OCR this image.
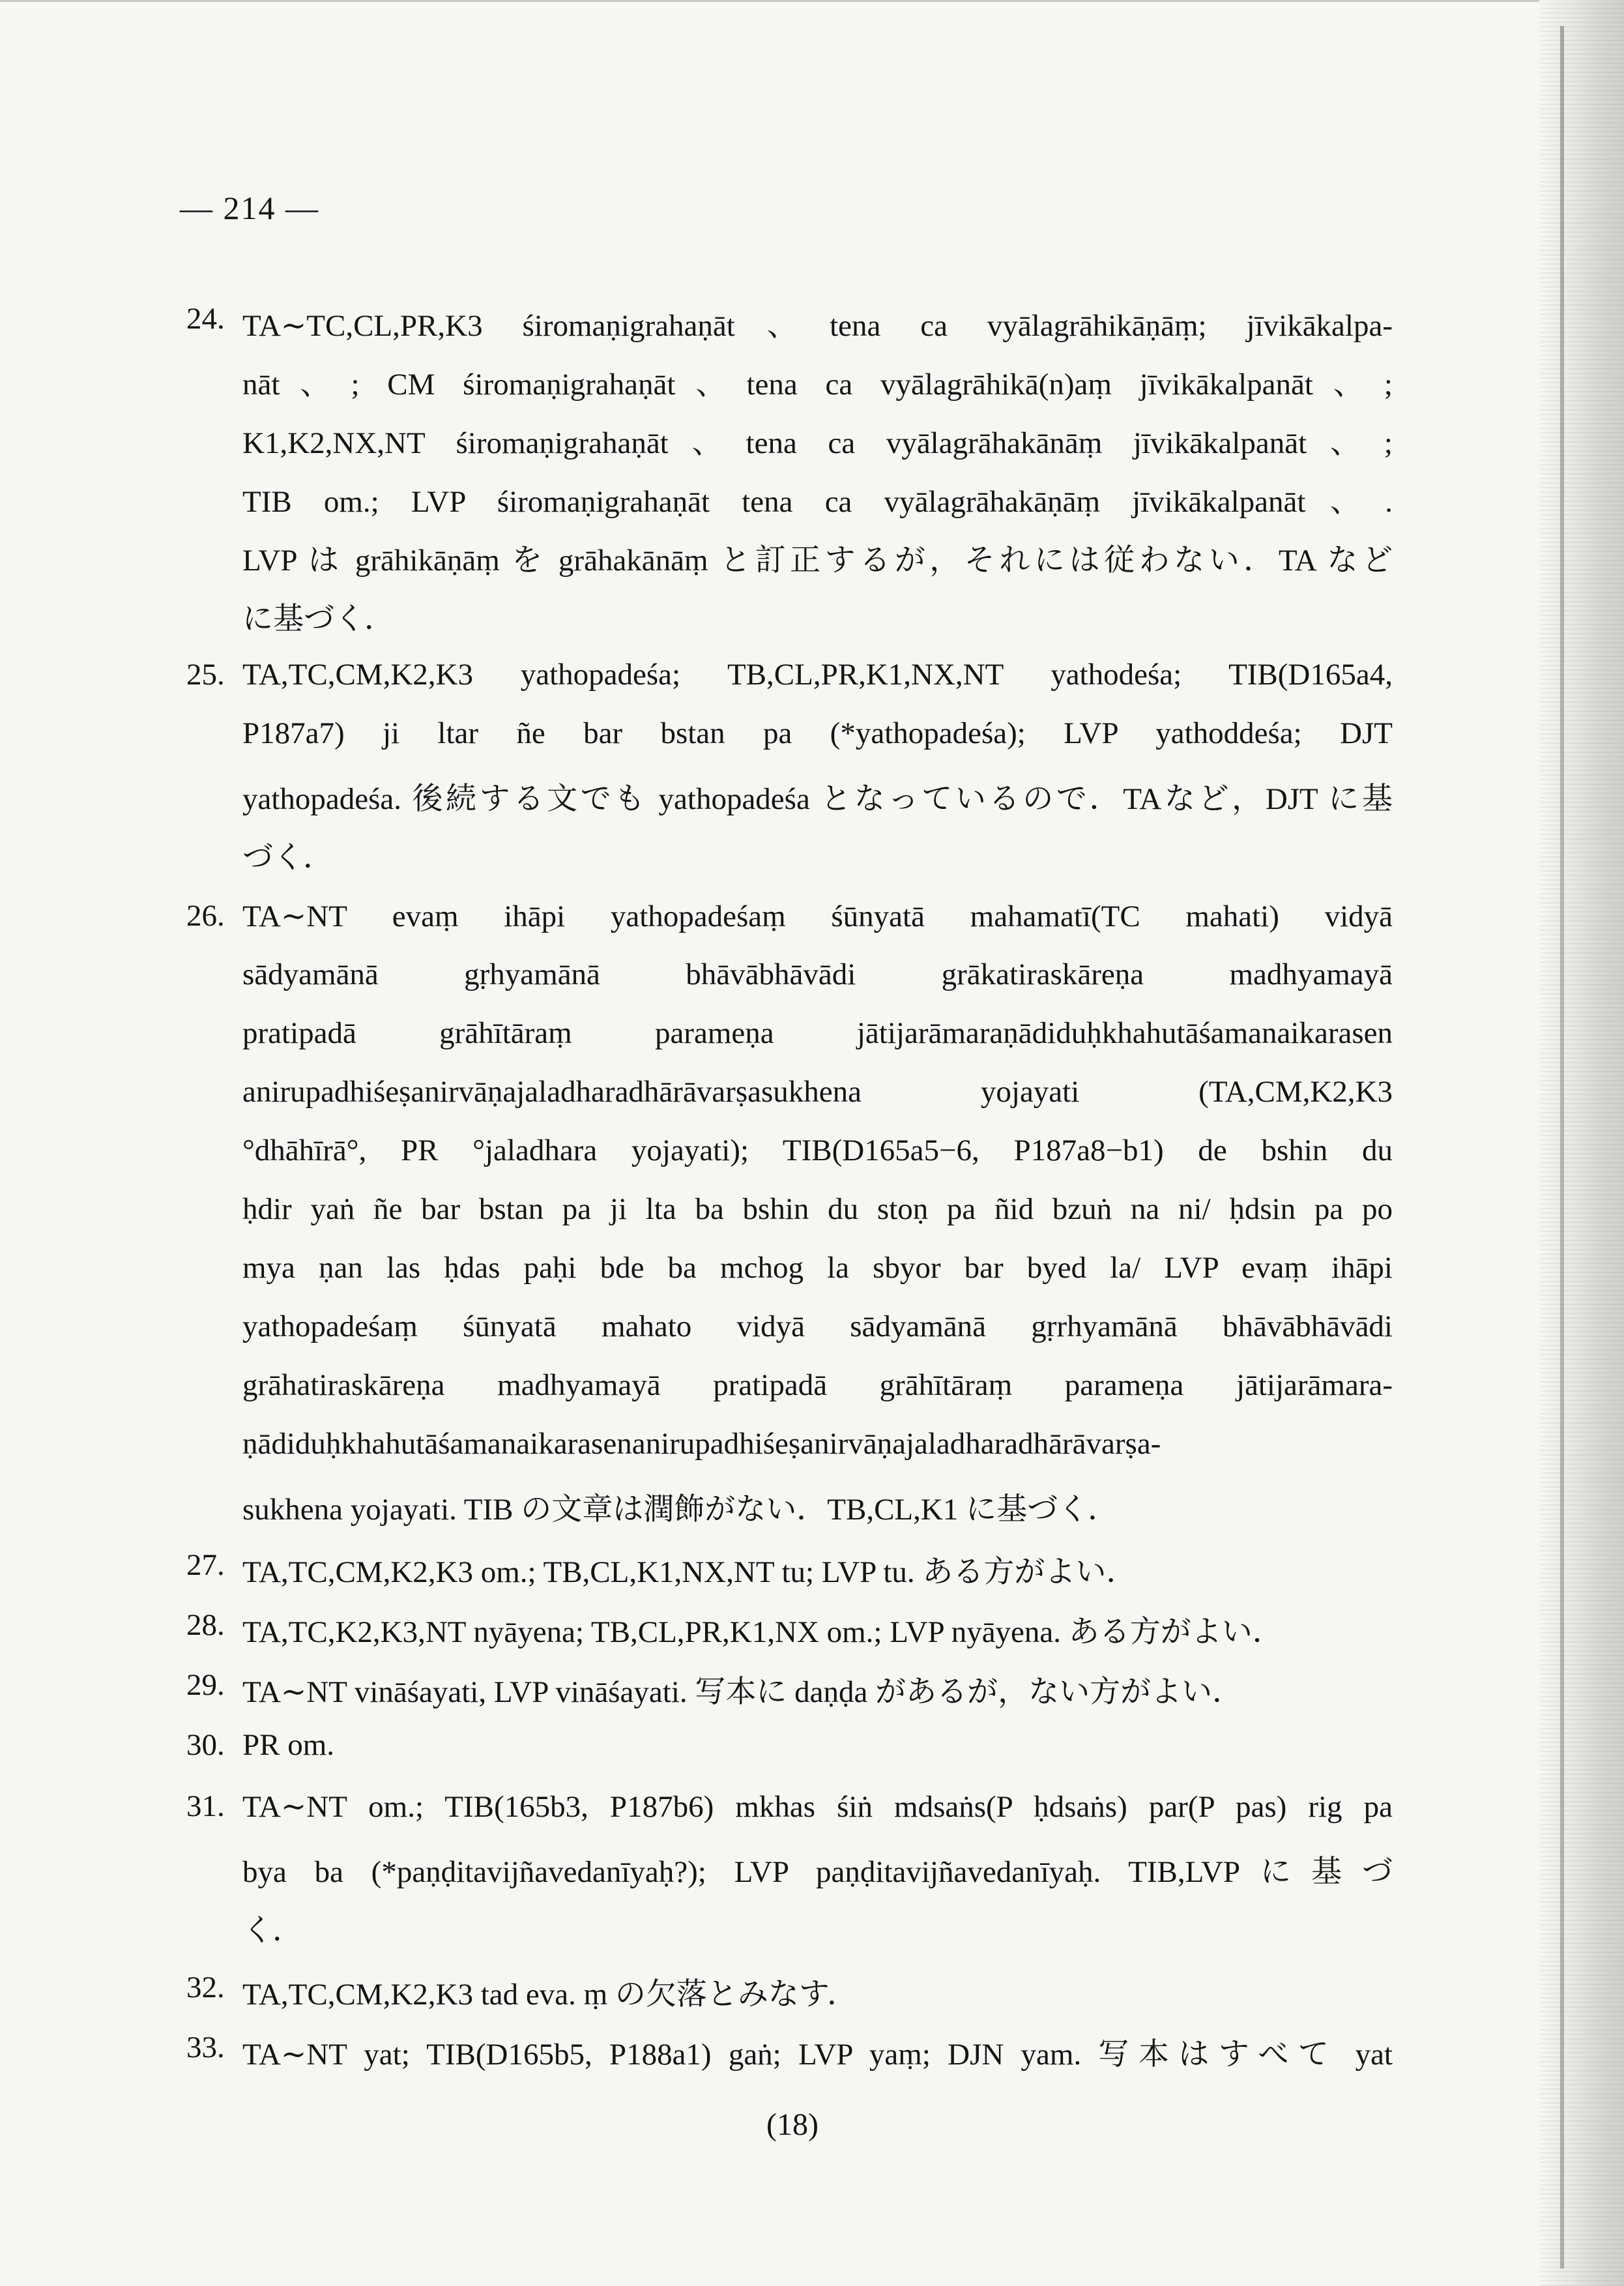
— 214 —
24. TA∼TC,CL,PR,K3 śiromaṇigrahaṇāt、tena ca vyālagrāhikāṇāṃ; jīvikākalpa-
nāt、; CM śiromaṇigrahaṇāt、tena ca vyālagrāhikā(n)aṃ jīvikākalpanāt、;
K1,K2,NX,NT śiromaṇigrahaṇāt、tena ca vyālagrāhakānāṃ jīvikākalpanāt、;
TIB om.; LVP śiromaṇigrahaṇāt tena ca vyālagrāhakāṇāṃ jīvikākalpanāt、.
LVP は grāhikāṇāṃ を grāhakānāṃ と訂正するが，それには従わない．TA など
に基づく．
25. TA,TC,CM,K2,K3 yathopadeśa; TB,CL,PR,K1,NX,NT yathodeśa; TIB(D165a4,
P187a7) ji ltar ñe bar bstan pa (*yathopadeśa); LVP yathoddeśa; DJT
yathopadeśa. 後続する文でも yathopadeśa となっているので．TAなど，DJT に基
づく．
26. TA∼NT evaṃ ihāpi yathopadeśaṃ śūnyatā mahamatī(TC mahati) vidyā
sādyamānā gṛhyamānā bhāvābhāvādi grākatiraskāreṇa madhyamayā
pratipadā grāhītāraṃ parameṇa jātijarāmaraṇādiduḥkhahutāśamanaikarasen
anirupadhiśeṣanirvāṇajaladharadhārāvarṣasukhena yojayati (TA,CM,K2,K3
°dhāhīrā°, PR °jaladhara yojayati); TIB(D165a5−6, P187a8−b1) de bshin du
ḥdir yaṅ ñe bar bstan pa ji lta ba bshin du stoṇ pa ñid bzuṅ na ni/ ḥdsin pa po
mya ṇan las ḥdas paḥi bde ba mchog la sbyor bar byed la/ LVP evaṃ ihāpi
yathopadeśaṃ śūnyatā mahato vidyā sādyamānā gṛrhyamānā bhāvābhāvādi
grāhatiraskāreṇa madhyamayā pratipadā grāhītāraṃ parameṇa jātijarāmara-
ṇādiduḥkhahutāśamanaikarasenanirupadhiśeṣanirvāṇajaladharadhārāvarṣa-
sukhena yojayati. TIB の文章は潤飾がない．TB,CL,K1 に基づく．
27. TA,TC,CM,K2,K3 om.; TB,CL,K1,NX,NT tu; LVP tu. ある方がよい．
28. TA,TC,K2,K3,NT nyāyena; TB,CL,PR,K1,NX om.; LVP nyāyena. ある方がよい．
29. TA∼NT vināśayati, LVP vināśayati. 写本に daṇḍa があるが，ない方がよい．
30. PR om.
31. TA∼NT om.; TIB(165b3, P187b6) mkhas śiṅ mdsaṅs(P ḥdsaṅs) par(P pas) rig pa
bya ba (*paṇḍitavijñavedanīyaḥ?); LVP paṇḍitavijñavedanīyaḥ. TIB,LVPに基づ
く．
32. TA,TC,CM,K2,K3 tad eva. ṃ の欠落とみなす．
33. TA∼NT yat; TIB(D165b5, P188a1) gaṅ; LVP yaṃ; DJN yam. 写本はすべて yat
(18)
